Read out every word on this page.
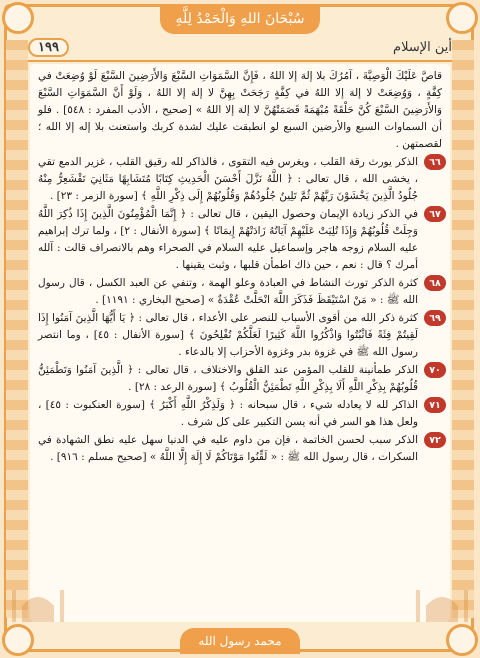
سُبْحَانَ اللهِ وَالْحَمْدُ لِلَّهِ
أين الإسلام
١٩٩

قاصَّ عَلَيْكَ الْوَصِيَّةَ ، آمُرُكَ بلا إلهَ إلا اللهُ ، فَإِنَّ السَّمَوَاتِ السَّبْعَ وَالأَرَضِينَ السَّبْعَ لَوْ وُضِعَتْ في كِفَّةٍ ، وَوُضِعَتْ لا إلهَ إلا اللهُ في كِفَّةٍ رَجَحَتْ بِهِنَّ لا إلهَ إلا اللهُ ، وَلَوْ أَنَّ السَّمَوَاتِ السَّبْعَ وَالأَرَضِينَ السَّبْعَ كُنَّ حَلْقَةً مُبْهَمَةً قَصَمَتْهُنَّ لا إلهَ إلا اللهُ » [صحيح ، الأدب المفرد : ٥٤٨] . فلو أن السماوات السبع والأرضين السبع لو انطبقت عليك لشدة كربك واستعنت بلا إله إلا الله ؛ لقصمتهن .

٦٦
الذكر يورث رقة القلب ، ويغرس فيه التقوى ، فالذاكر لله رقيق القلب ، غزير الدمع تقي ، يخشى الله ، قال تعالى : ﴿ اللَّهُ نَزَّلَ أَحْسَنَ الْحَدِيثِ كِتَابًا مُتَشَابِهًا مَثَانِيَ تَقْشَعِرُّ مِنْهُ جُلُودُ الَّذِينَ يَخْشَوْنَ رَبَّهُمْ ثُمَّ تَلِينُ جُلُودُهُمْ وَقُلُوبُهُمْ إِلَى ذِكْرِ اللَّهِ ﴾ [سورة الزمر : ٢٣] .

٦٧
في الذكر زيادة الإيمان وحصول اليقين ، قال تعالى : ﴿ إِنَّمَا الْمُؤْمِنُونَ الَّذِينَ إِذَا ذُكِرَ اللَّهُ وَجِلَتْ قُلُوبُهُمْ وَإِذَا تُلِيَتْ عَلَيْهِمْ آيَاتُهُ زَادَتْهُمْ إِيمَانًا ﴾ [سورة الأنفال : ٢] ، ولما ترك إبراهيم عليه السلام زوجه هاجر وإسماعيل عليه السلام في الصحراء وهم بالانصراف قالت : آلله أمرك ؟ قال : نعم ، حين ذاك اطمأن قلبها ، وثبت يقينها .

٦٨
كثرة الذكر تورث النشاط في العبادة وعلو الهمة ، وتنفي عن العبد الكسل ، قال رسول الله ﷺ : « مَنْ اسْتَيْقَظَ فَذَكَرَ اللَّهَ انْحَلَّتْ عُقْدَةٌ » [صحيح البخاري : ١١٩١] .

٦٩
كثرة ذكر الله من أقوى الأسباب للنصر على الأعداء ، قال تعالى : ﴿ يَا أَيُّهَا الَّذِينَ آمَنُوا إِذَا لَقِيتُمْ فِئَةً فَاثْبُتُوا وَاذْكُرُوا اللَّهَ كَثِيرًا لَعَلَّكُمْ تُفْلِحُونَ ﴾ [سورة الأنفال : ٤٥] ، وما انتصر رسول الله ﷺ في غزوة بدر وغزوة الأحزاب إلا بالدعاء .

٧٠
الذكر طمأنينة للقلب المؤمن عند القلق والاختلاف ، قال تعالى : ﴿ الَّذِينَ آمَنُوا وَتَطْمَئِنُّ قُلُوبُهُمْ بِذِكْرِ اللَّهِ أَلَا بِذِكْرِ اللَّهِ تَطْمَئِنُّ الْقُلُوبُ ﴾ [سورة الرعد : ٢٨] .

٧١
الذاكر لله لا يعادله شيء ، قال سبحانه : ﴿ وَلَذِكْرُ اللَّهِ أَكْبَرُ ﴾ [سورة العنكبوت : ٤٥] ، ولعل هذا هو السر في أنه يسن التكبير على كل شرف .

٧٢
الذكر سبب لحسن الخاتمة ، فإن من داوم عليه في الدنيا سهل عليه نطق الشهادة في السكرات ، قال رسول الله ﷺ : « لَقِّنُوا مَوْتَاكُمْ لَا إِلَهَ إِلَّا اللَّهُ » [صحيح مسلم : ٩١٦] .

محمد رسول الله
